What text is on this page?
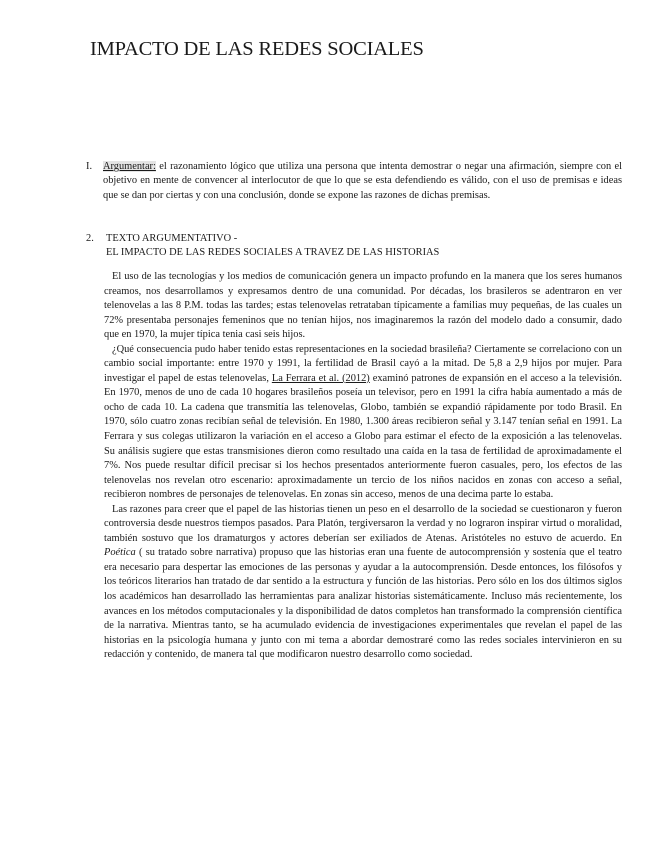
IMPACTO DE LAS REDES SOCIALES
I. Argumentar: el razonamiento lógico que utiliza una persona que intenta demostrar o negar una afirmación, siempre con el objetivo en mente de convencer al interlocutor de que lo que se esta defendiendo es válido, con el uso de premisas e ideas que se dan por ciertas y con una conclusión, donde se expone las razones de dichas premisas.
2. TEXTO ARGUMENTATIVO -
EL IMPACTO DE LAS REDES SOCIALES A TRAVEZ DE LAS HISTORIAS

El uso de las tecnologías y los medios de comunicación genera un impacto profundo en la manera que los seres humanos creamos, nos desarrollamos y expresamos dentro de una comunidad. Por décadas, los brasileros se adentraron en ver telenovelas a las 8 P.M. todas las tardes; estas telenovelas retrataban típicamente a familias muy pequeñas, de las cuales un 72% presentaba personajes femeninos que no tenían hijos, nos imaginaremos la razón del modelo dado a consumir, dado que en 1970, la mujer típica tenia casi seis hijos.

¿Qué consecuencia pudo haber tenido estas representaciones en la sociedad brasileña? Ciertamente se correlaciono con un cambio social importante: entre 1970 y 1991, la fertilidad de Brasil cayó a la mitad. De 5,8 a 2,9 hijos por mujer. Para investigar el papel de estas telenovelas, La Ferrara et al. (2012) examinó patrones de expansión en el acceso a la televisión. En 1970, menos de uno de cada 10 hogares brasileños poseía un televisor, pero en 1991 la cifra había aumentado a más de ocho de cada 10. La cadena que transmitía las telenovelas, Globo, también se expandió rápidamente por todo Brasil. En 1970, sólo cuatro zonas recibían señal de televisión. En 1980, 1.300 áreas recibieron señal y 3.147 tenían señal en 1991. La Ferrara y sus colegas utilizaron la variación en el acceso a Globo para estimar el efecto de la exposición a las telenovelas. Su análisis sugiere que estas transmisiones dieron como resultado una caída en la tasa de fertilidad de aproximadamente el 7%. Nos puede resultar difícil precisar si los hechos presentados anteriormente fueron casuales, pero, los efectos de las telenovelas nos revelan otro escenario: aproximadamente un tercio de los niños nacidos en zonas con acceso a señal, recibieron nombres de personajes de telenovelas. En zonas sin acceso, menos de una decima parte lo estaba.

Las razones para creer que el papel de las historias tienen un peso en el desarrollo de la sociedad se cuestionaron y fueron controversia desde nuestros tiempos pasados. Para Platón, tergiversaron la verdad y no lograron inspirar virtud o moralidad, también sostuvo que los dramaturgos y actores deberían ser exiliados de Atenas. Aristóteles no estuvo de acuerdo. En Poética ( su tratado sobre narrativa) propuso que las historias eran una fuente de autocomprensión y sostenía que el teatro era necesario para despertar las emociones de las personas y ayudar a la autocomprensión. Desde entonces, los filósofos y los teóricos literarios han tratado de dar sentido a la estructura y función de las historias. Pero sólo en los dos últimos siglos los académicos han desarrollado las herramientas para analizar historias sistemáticamente. Incluso más recientemente, los avances en los métodos computacionales y la disponibilidad de datos completos han transformado la comprensión científica de la narrativa. Mientras tanto, se ha acumulado evidencia de investigaciones experimentales que revelan el papel de las historias en la psicología humana y junto con mi tema a abordar demostraré como las redes sociales intervinieron en su redacción y contenido, de manera tal que modificaron nuestro desarrollo como sociedad.
